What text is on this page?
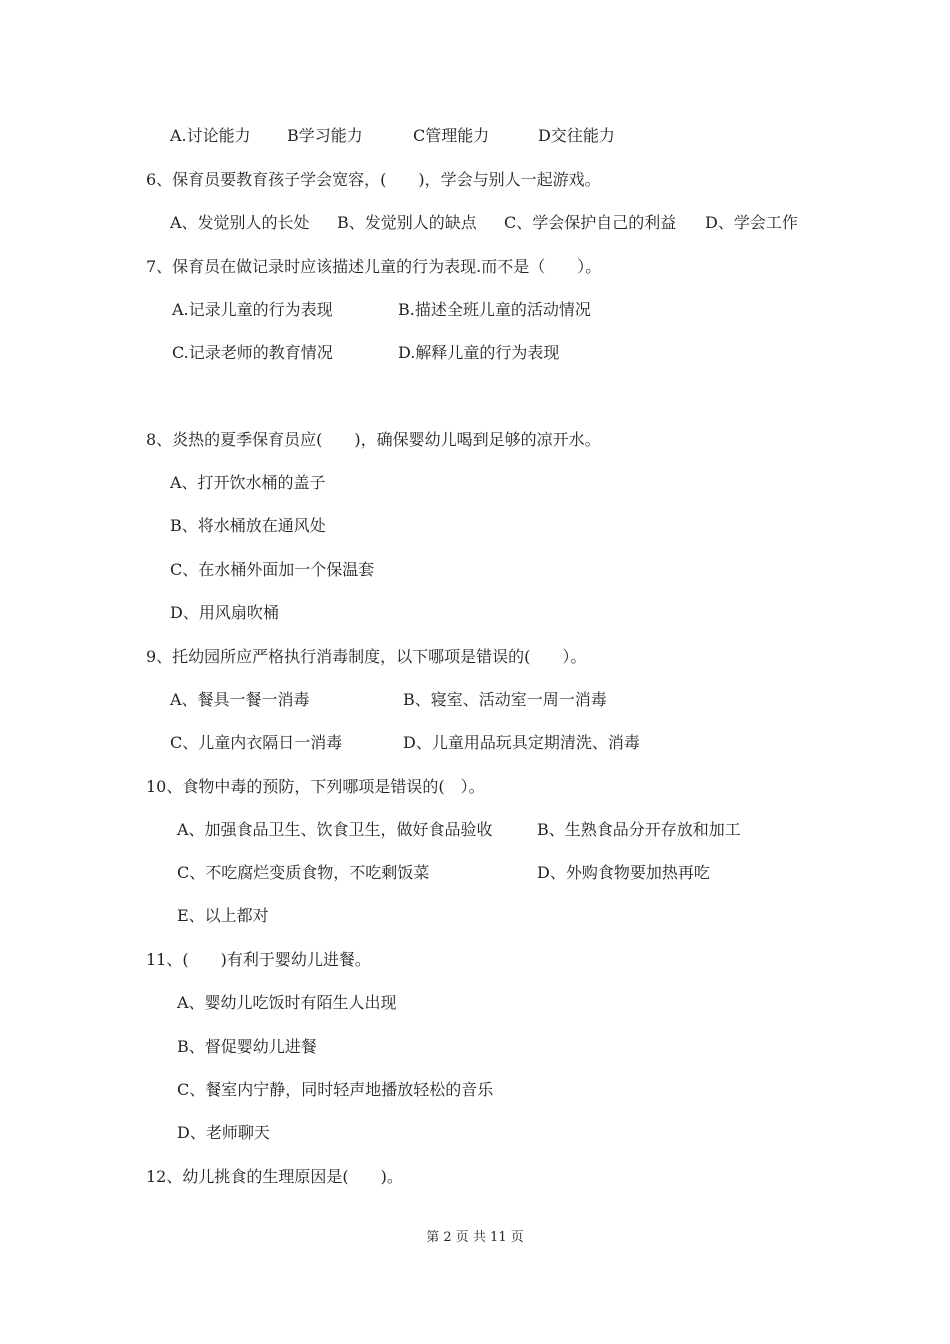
A.讨论能力 B学习能力	C管理能力	D交往能力
6、保育员要教育孩子学会宽容，(　　)，学会与别人一起游戏。
A、发觉别人的长处 B、发觉别人的缺点 C、学会保护自己的利益 D、学会工作
7、保育员在做记录时应该描述儿童的行为表现.而不是（　　）。
A.记录儿童的行为表现	B.描述全班儿童的活动情况
C.记录老师的教育情况	D.解释儿童的行为表现
8、炎热的夏季保育员应(　　)，确保婴幼儿喝到足够的凉开水。
A、打开饮水桶的盖子
B、将水桶放在通风处
C、在水桶外面加一个保温套
D、用风扇吹桶
9、托幼园所应严格执行消毒制度，以下哪项是错误的(　　）。
A、餐具一餐一消毒	B、寝室、活动室一周一消毒
C、儿童内衣隔日一消毒	D、儿童用品玩具定期清洗、消毒
10、食物中毒的预防，下列哪项是错误的(　）。
A、加强食品卫生、饮食卫生，做好食品验收	B、生熟食品分开存放和加工
C、不吃腐烂变质食物，不吃剩饭菜	D、外购食物要加热再吃
E、以上都对
11、(　　)有利于婴幼儿进餐。
A、婴幼儿吃饭时有陌生人出现
B、督促婴幼儿进餐
C、餐室内宁静，同时轻声地播放轻松的音乐
D、老师聊天
12、幼儿挑食的生理原因是(　　)。
第 2 页 共 11 页
